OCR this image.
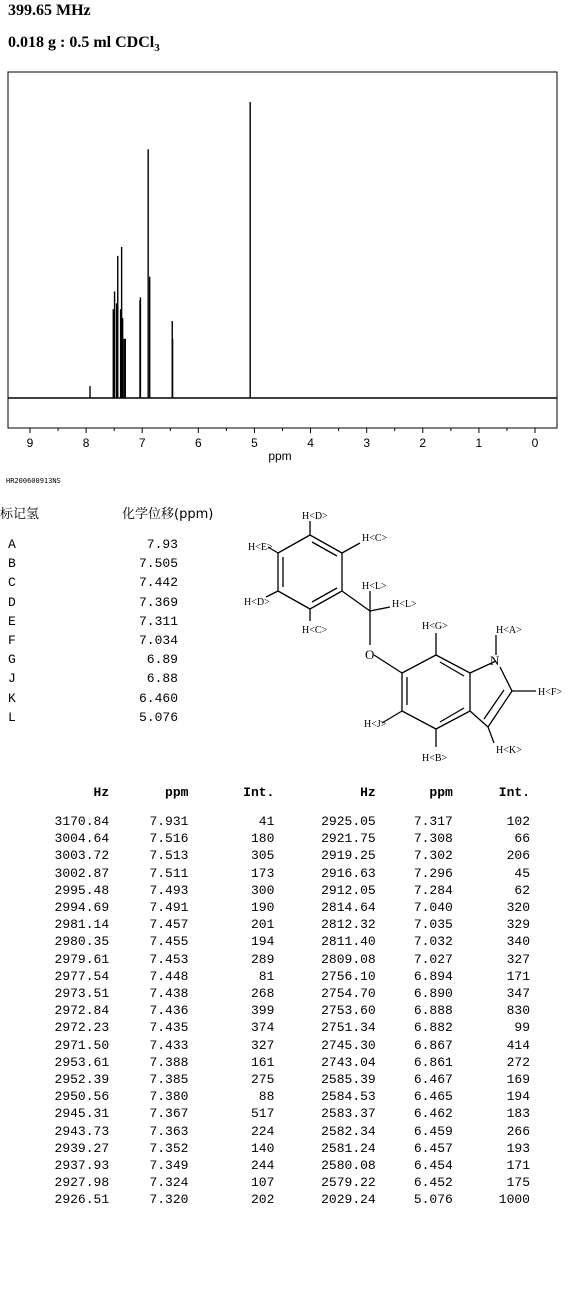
399.65 MHz
0.018 g : 0.5 ml CDCl$_3$
9	8	7	6	5	4	3	2	1	0
ppm
HR200600913NS
标记氢	化学位移(ppm)
A	7.93
B	7.505
C	7.442
D	7.369
E	7.311
F	7.034
G	6.89
J	6.88
K	6.460
L	5.076
H<D>
H<E>
H<C>
H<L>
H<L>
H<D>
H<C>	H<G>	H<A>
H<F>
H<J>
H<K>
H<B>
O	N
Hz	ppm	Int.	Hz	ppm	Int.
3170.84	7.931	41	2925.05	7.317	102
3004.64	7.516	180	2921.75	7.308	66
3003.72	7.513	305	2919.25	7.302	206
3002.87	7.511	173	2916.63	7.296	45
2995.48	7.493	300	2912.05	7.284	62
2994.69	7.491	190	2814.64	7.040	320
2981.14	7.457	201	2812.32	7.035	329
2980.35	7.455	194	2811.40	7.032	340
2979.61	7.453	289	2809.08	7.027	327
2977.54	7.448	81	2756.10	6.894	171
2973.51	7.438	268	2754.70	6.890	347
2972.84	7.436	399	2753.60	6.888	830
2972.23	7.435	374	2751.34	6.882	99
2971.50	7.433	327	2745.30	6.867	414
2953.61	7.388	161	2743.04	6.861	272
2952.39	7.385	275	2585.39	6.467	169
2950.56	7.380	88	2584.53	6.465	194
2945.31	7.367	517	2583.37	6.462	183
2943.73	7.363	224	2582.34	6.459	266
2939.27	7.352	140	2581.24	6.457	193
2937.93	7.349	244	2580.08	6.454	171
2927.98	7.324	107	2579.22	6.452	175
2926.51	7.320	202	2029.24	5.076	1000
